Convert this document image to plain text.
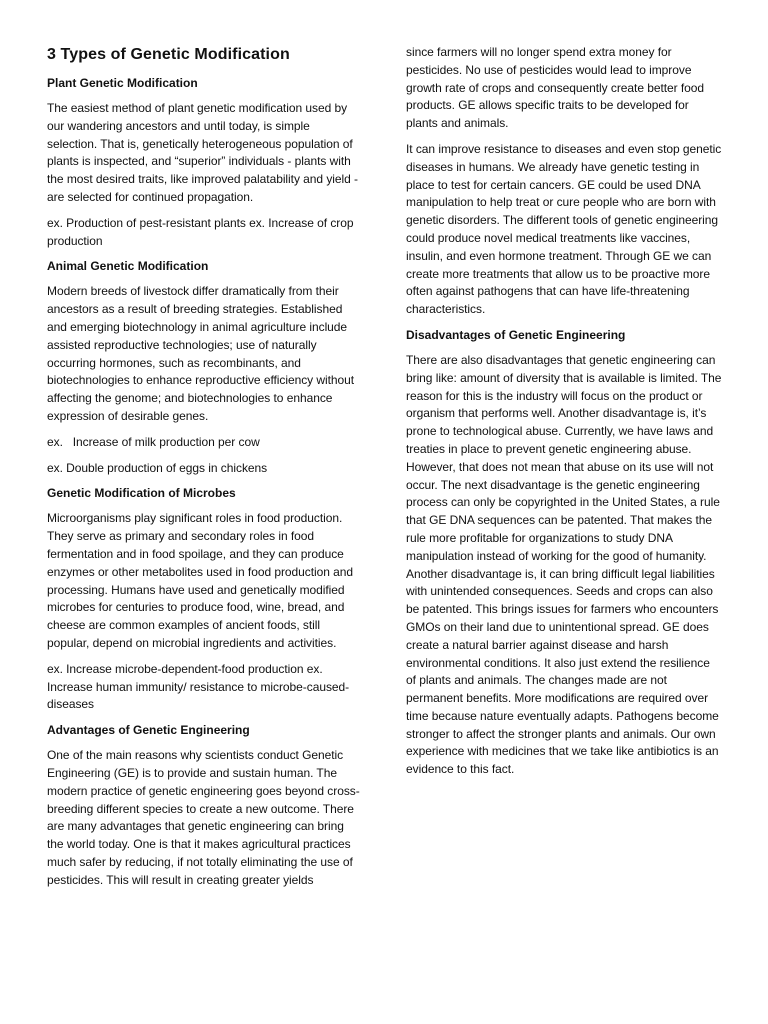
3 Types of Genetic Modification
Plant Genetic Modification
The easiest method of plant genetic modification used by our wandering ancestors and until today, is simple selection. That is, genetically heterogeneous population of plants is inspected, and “superior” individuals - plants with the most desired traits, like improved palatability and yield - are selected for continued propagation.
ex. Production of pest-resistant plants ex. Increase of crop production
Animal Genetic Modification
Modern breeds of livestock differ dramatically from their ancestors as a result of breeding strategies. Established and emerging biotechnology in animal agriculture include assisted reproductive technologies; use of naturally occurring hormones, such as recombinants, and biotechnologies to enhance reproductive efficiency without affecting the genome; and biotechnologies to enhance expression of desirable genes.
ex.   Increase of milk production per cow
ex. Double production of eggs in chickens
Genetic Modification of Microbes
Microorganisms play significant roles in food production. They serve as primary and secondary roles in food fermentation and in food spoilage, and they can produce enzymes or other metabolites used in food production and processing. Humans have used and genetically modified microbes for centuries to produce food, wine, bread, and cheese are common examples of ancient foods, still popular, depend on microbial ingredients and activities.
ex. Increase microbe-dependent-food production ex. Increase human immunity/ resistance to microbe-caused-diseases
Advantages of Genetic Engineering
One of the main reasons why scientists conduct Genetic Engineering (GE) is to provide and sustain human. The modern practice of genetic engineering goes beyond cross-breeding different species to create a new outcome. There are many advantages that genetic engineering can bring the world today. One is that it makes agricultural practices much safer by reducing, if not totally eliminating the use of pesticides. This will result in creating greater yields
since farmers will no longer spend extra money for pesticides. No use of pesticides would lead to improve growth rate of crops and consequently create better food products. GE allows specific traits to be developed for plants and animals.
It can improve resistance to diseases and even stop genetic diseases in humans. We already have genetic testing in place to test for certain cancers. GE could be used DNA manipulation to help treat or cure people who are born with genetic disorders. The different tools of genetic engineering could produce novel medical treatments like vaccines, insulin, and even hormone treatment. Through GE we can create more treatments that allow us to be proactive more often against pathogens that can have life-threatening characteristics.
Disadvantages of Genetic Engineering
There are also disadvantages that genetic engineering can bring like: amount of diversity that is available is limited. The reason for this is the industry will focus on the product or organism that performs well. Another disadvantage is, it’s prone to technological abuse. Currently, we have laws and treaties in place to prevent genetic engineering abuse. However, that does not mean that abuse on its use will not occur. The next disadvantage is the genetic engineering process can only be copyrighted in the United States, a rule that GE DNA sequences can be patented. That makes the rule more profitable for organizations to study DNA manipulation instead of working for the good of humanity. Another disadvantage is, it can bring difficult legal liabilities with unintended consequences. Seeds and crops can also be patented. This brings issues for farmers who encounters GMOs on their land due to unintentional spread. GE does create a natural barrier against disease and harsh environmental conditions. It also just extend the resilience of plants and animals. The changes made are not permanent benefits. More modifications are required over time because nature eventually adapts. Pathogens become stronger to affect the stronger plants and animals. Our own experience with medicines that we take like antibiotics is an evidence to this fact.
